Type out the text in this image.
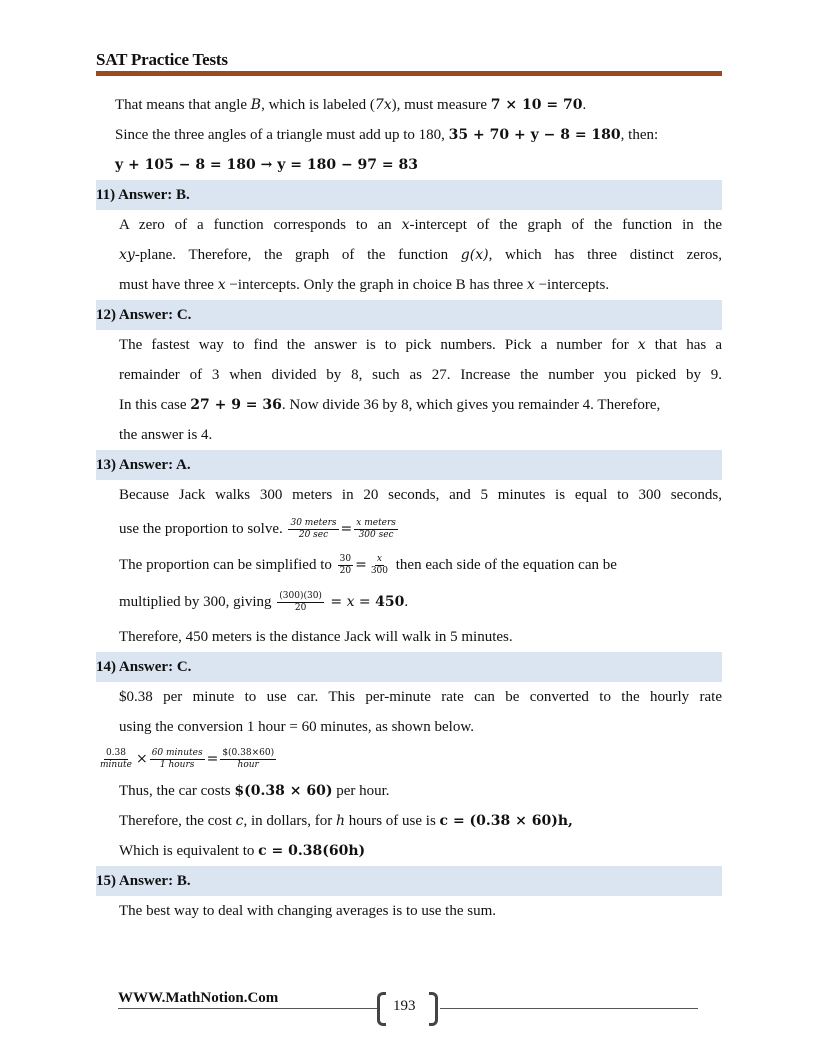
SAT Practice Tests
That means that angle B, which is labeled (7x), must measure 7 × 10 = 70.
Since the three angles of a triangle must add up to 180, 35 + 70 + y − 8 = 180, then:
y + 105 − 8 = 180 → y = 180 − 97 = 83
11) Answer: B.
A zero of a function corresponds to an x-intercept of the graph of the function in the
xy-plane. Therefore, the graph of the function g(x), which has three distinct zeros,
must have three x −intercepts. Only the graph in choice B has three x −intercepts.
12) Answer: C.
The fastest way to find the answer is to pick numbers. Pick a number for x that has a
remainder of 3 when divided by 8, such as 27. Increase the number you picked by 9.
In this case 27 + 9 = 36. Now divide 36 by 8, which gives you remainder 4. Therefore,
the answer is 4.
13) Answer: A.
Because Jack walks 300 meters in 20 seconds, and 5 minutes is equal to 300 seconds,
use the proportion to solve. $\frac{\text{30 meters}}{20 \sec} = \frac{\text{x meters}}{300 \sec}$
The proportion can be simplified to $\frac{30}{20} = \frac{x}{300}$ then each side of the equation can be
multiplied by 300, giving $\frac{(300)(30)}{20} = x = 450$.
Therefore, 450 meters is the distance Jack will walk in 5 minutes.
14) Answer: C.
$0.38 per minute to use car. This per-minute rate can be converted to the hourly rate
using the conversion 1 hour = 60 minutes, as shown below.
$\frac{0.38}{\text{minute}} \times \frac{\text{60 minutes}}{\text{1 hours}} = \frac{\$(0.38\times 60)}{\text{hour}}$
Thus, the car costs $(0.38 × 60) per hour.
Therefore, the cost c, in dollars, for h hours of use is c = (0.38 × 60)h,
Which is equivalent to c = 0.38(60h)
15) Answer: B.
The best way to deal with changing averages is to use the sum.
WWW.MathNotion.Com	193
